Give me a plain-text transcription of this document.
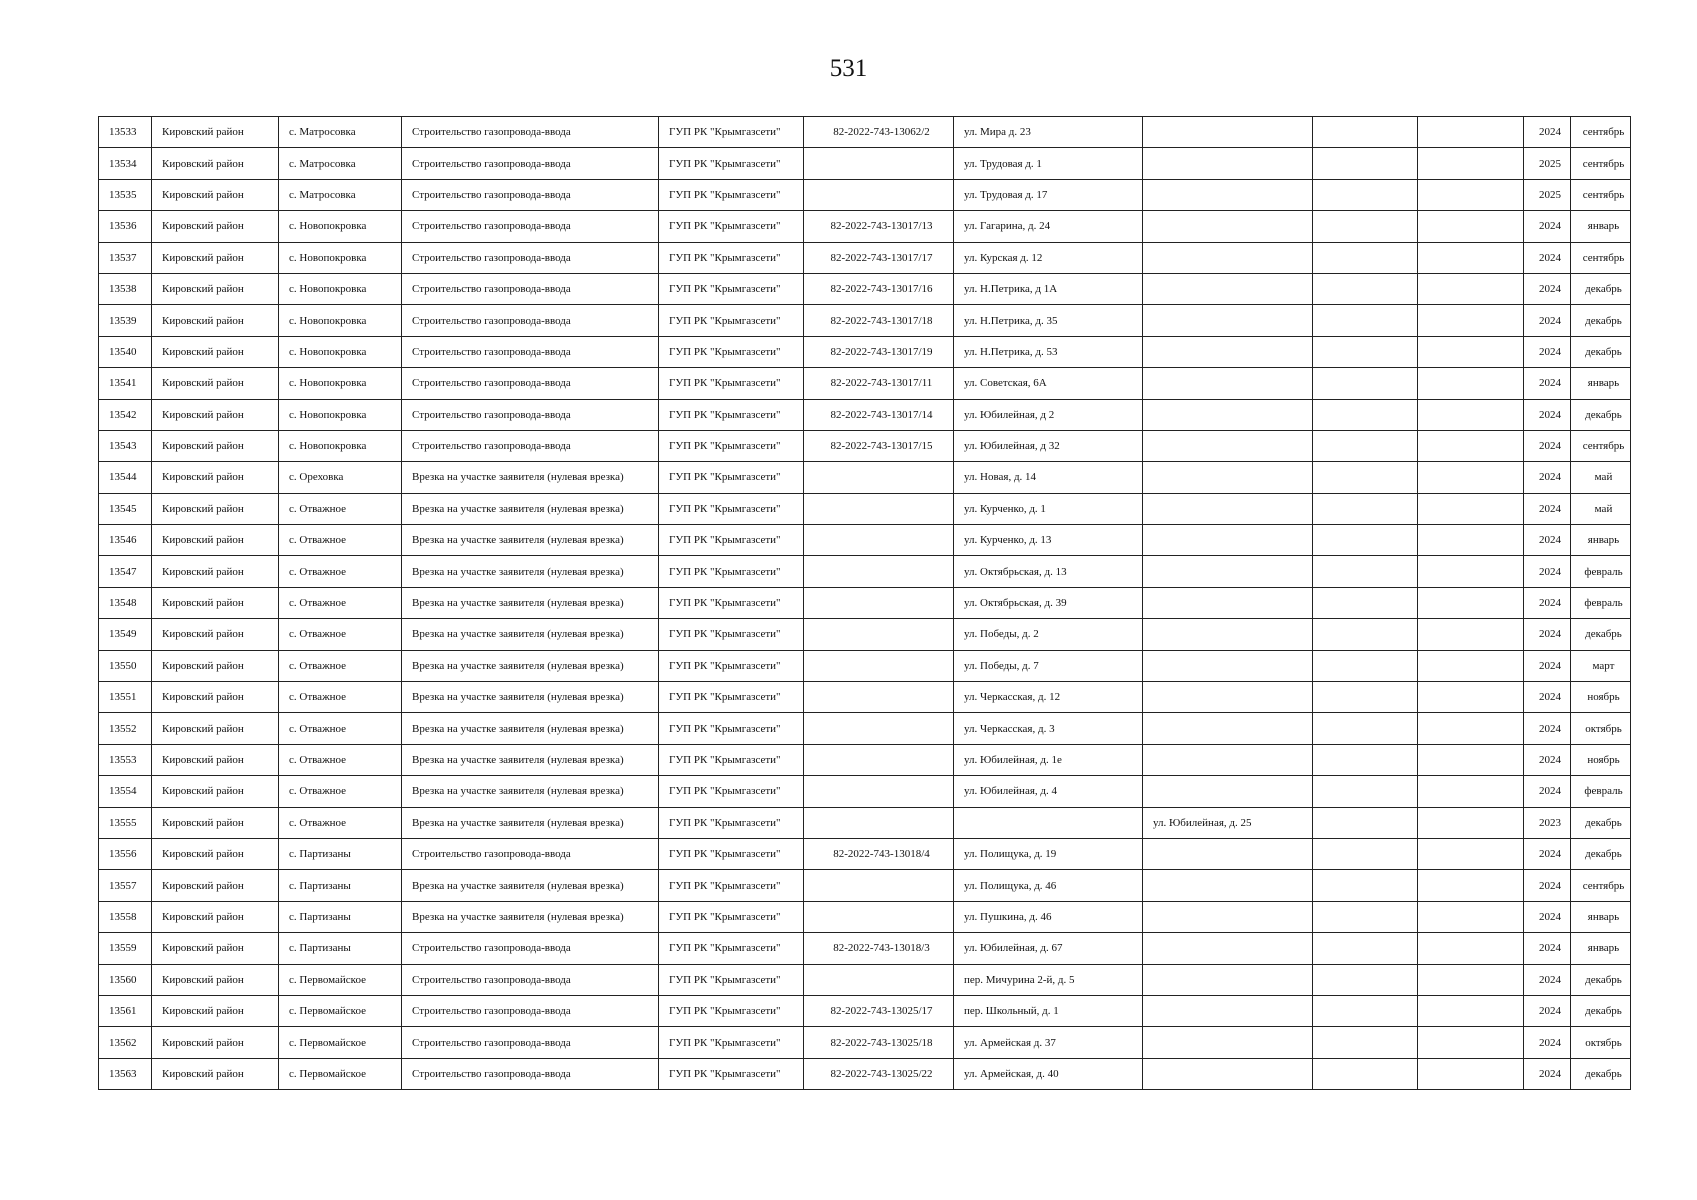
531
13533	Кировский район	с. Матросовка	Строительство газопровода-ввода	ГУП РК "Крымгазсети"	82-2022-743-13062/2	ул. Мира д. 23				2024	сентябрь
13534	Кировский район	с. Матросовка	Строительство газопровода-ввода	ГУП РК "Крымгазсети"		ул. Трудовая д. 1				2025	сентябрь
13535	Кировский район	с. Матросовка	Строительство газопровода-ввода	ГУП РК "Крымгазсети"		ул. Трудовая д. 17				2025	сентябрь
13536	Кировский район	с. Новопокровка	Строительство газопровода-ввода	ГУП РК "Крымгазсети"	82-2022-743-13017/13	ул. Гагарина, д. 24				2024	январь
13537	Кировский район	с. Новопокровка	Строительство газопровода-ввода	ГУП РК "Крымгазсети"	82-2022-743-13017/17	ул. Курская д. 12				2024	сентябрь
13538	Кировский район	с. Новопокровка	Строительство газопровода-ввода	ГУП РК "Крымгазсети"	82-2022-743-13017/16	ул. Н.Петрика, д 1А				2024	декабрь
13539	Кировский район	с. Новопокровка	Строительство газопровода-ввода	ГУП РК "Крымгазсети"	82-2022-743-13017/18	ул. Н.Петрика, д. 35				2024	декабрь
13540	Кировский район	с. Новопокровка	Строительство газопровода-ввода	ГУП РК "Крымгазсети"	82-2022-743-13017/19	ул. Н.Петрика, д. 53				2024	декабрь
13541	Кировский район	с. Новопокровка	Строительство газопровода-ввода	ГУП РК "Крымгазсети"	82-2022-743-13017/11	ул. Советская, 6А				2024	январь
13542	Кировский район	с. Новопокровка	Строительство газопровода-ввода	ГУП РК "Крымгазсети"	82-2022-743-13017/14	ул. Юбилейная, д 2				2024	декабрь
13543	Кировский район	с. Новопокровка	Строительство газопровода-ввода	ГУП РК "Крымгазсети"	82-2022-743-13017/15	ул. Юбилейная, д 32				2024	сентябрь
13544	Кировский район	с. Ореховка	Врезка на участке заявителя (нулевая врезка)	ГУП РК "Крымгазсети"		ул. Новая, д. 14				2024	май
13545	Кировский район	с. Отважное	Врезка на участке заявителя (нулевая врезка)	ГУП РК "Крымгазсети"		ул. Курченко, д. 1				2024	май
13546	Кировский район	с. Отважное	Врезка на участке заявителя (нулевая врезка)	ГУП РК "Крымгазсети"		ул. Курченко, д. 13				2024	январь
13547	Кировский район	с. Отважное	Врезка на участке заявителя (нулевая врезка)	ГУП РК "Крымгазсети"		ул. Октябрьская, д. 13				2024	февраль
13548	Кировский район	с. Отважное	Врезка на участке заявителя (нулевая врезка)	ГУП РК "Крымгазсети"		ул. Октябрьская, д. 39				2024	февраль
13549	Кировский район	с. Отважное	Врезка на участке заявителя (нулевая врезка)	ГУП РК "Крымгазсети"		ул. Победы, д. 2				2024	декабрь
13550	Кировский район	с. Отважное	Врезка на участке заявителя (нулевая врезка)	ГУП РК "Крымгазсети"		ул. Победы, д. 7				2024	март
13551	Кировский район	с. Отважное	Врезка на участке заявителя (нулевая врезка)	ГУП РК "Крымгазсети"		ул. Черкасская, д. 12				2024	ноябрь
13552	Кировский район	с. Отважное	Врезка на участке заявителя (нулевая врезка)	ГУП РК "Крымгазсети"		ул. Черкасская, д. 3				2024	октябрь
13553	Кировский район	с. Отважное	Врезка на участке заявителя (нулевая врезка)	ГУП РК "Крымгазсети"		ул. Юбилейная, д. 1е				2024	ноябрь
13554	Кировский район	с. Отважное	Врезка на участке заявителя (нулевая врезка)	ГУП РК "Крымгазсети"		ул. Юбилейная, д. 4				2024	февраль
13555	Кировский район	с. Отважное	Врезка на участке заявителя (нулевая врезка)	ГУП РК "Крымгазсети"			ул. Юбилейная, д. 25			2023	декабрь
13556	Кировский район	с. Партизаны	Строительство газопровода-ввода	ГУП РК "Крымгазсети"	82-2022-743-13018/4	ул. Полищука, д. 19				2024	декабрь
13557	Кировский район	с. Партизаны	Врезка на участке заявителя (нулевая врезка)	ГУП РК "Крымгазсети"		ул. Полищука, д. 46				2024	сентябрь
13558	Кировский район	с. Партизаны	Врезка на участке заявителя (нулевая врезка)	ГУП РК "Крымгазсети"		ул. Пушкина, д. 46				2024	январь
13559	Кировский район	с. Партизаны	Строительство газопровода-ввода	ГУП РК "Крымгазсети"	82-2022-743-13018/3	ул. Юбилейная, д. 67				2024	январь
13560	Кировский район	с. Первомайское	Строительство газопровода-ввода	ГУП РК "Крымгазсети"		пер. Мичурина 2-й, д. 5				2024	декабрь
13561	Кировский район	с. Первомайское	Строительство газопровода-ввода	ГУП РК "Крымгазсети"	82-2022-743-13025/17	пер. Школьный, д. 1				2024	декабрь
13562	Кировский район	с. Первомайское	Строительство газопровода-ввода	ГУП РК "Крымгазсети"	82-2022-743-13025/18	ул. Армейская д. 37				2024	октябрь
13563	Кировский район	с. Первомайское	Строительство газопровода-ввода	ГУП РК "Крымгазсети"	82-2022-743-13025/22	ул. Армейская, д. 40				2024	декабрь
